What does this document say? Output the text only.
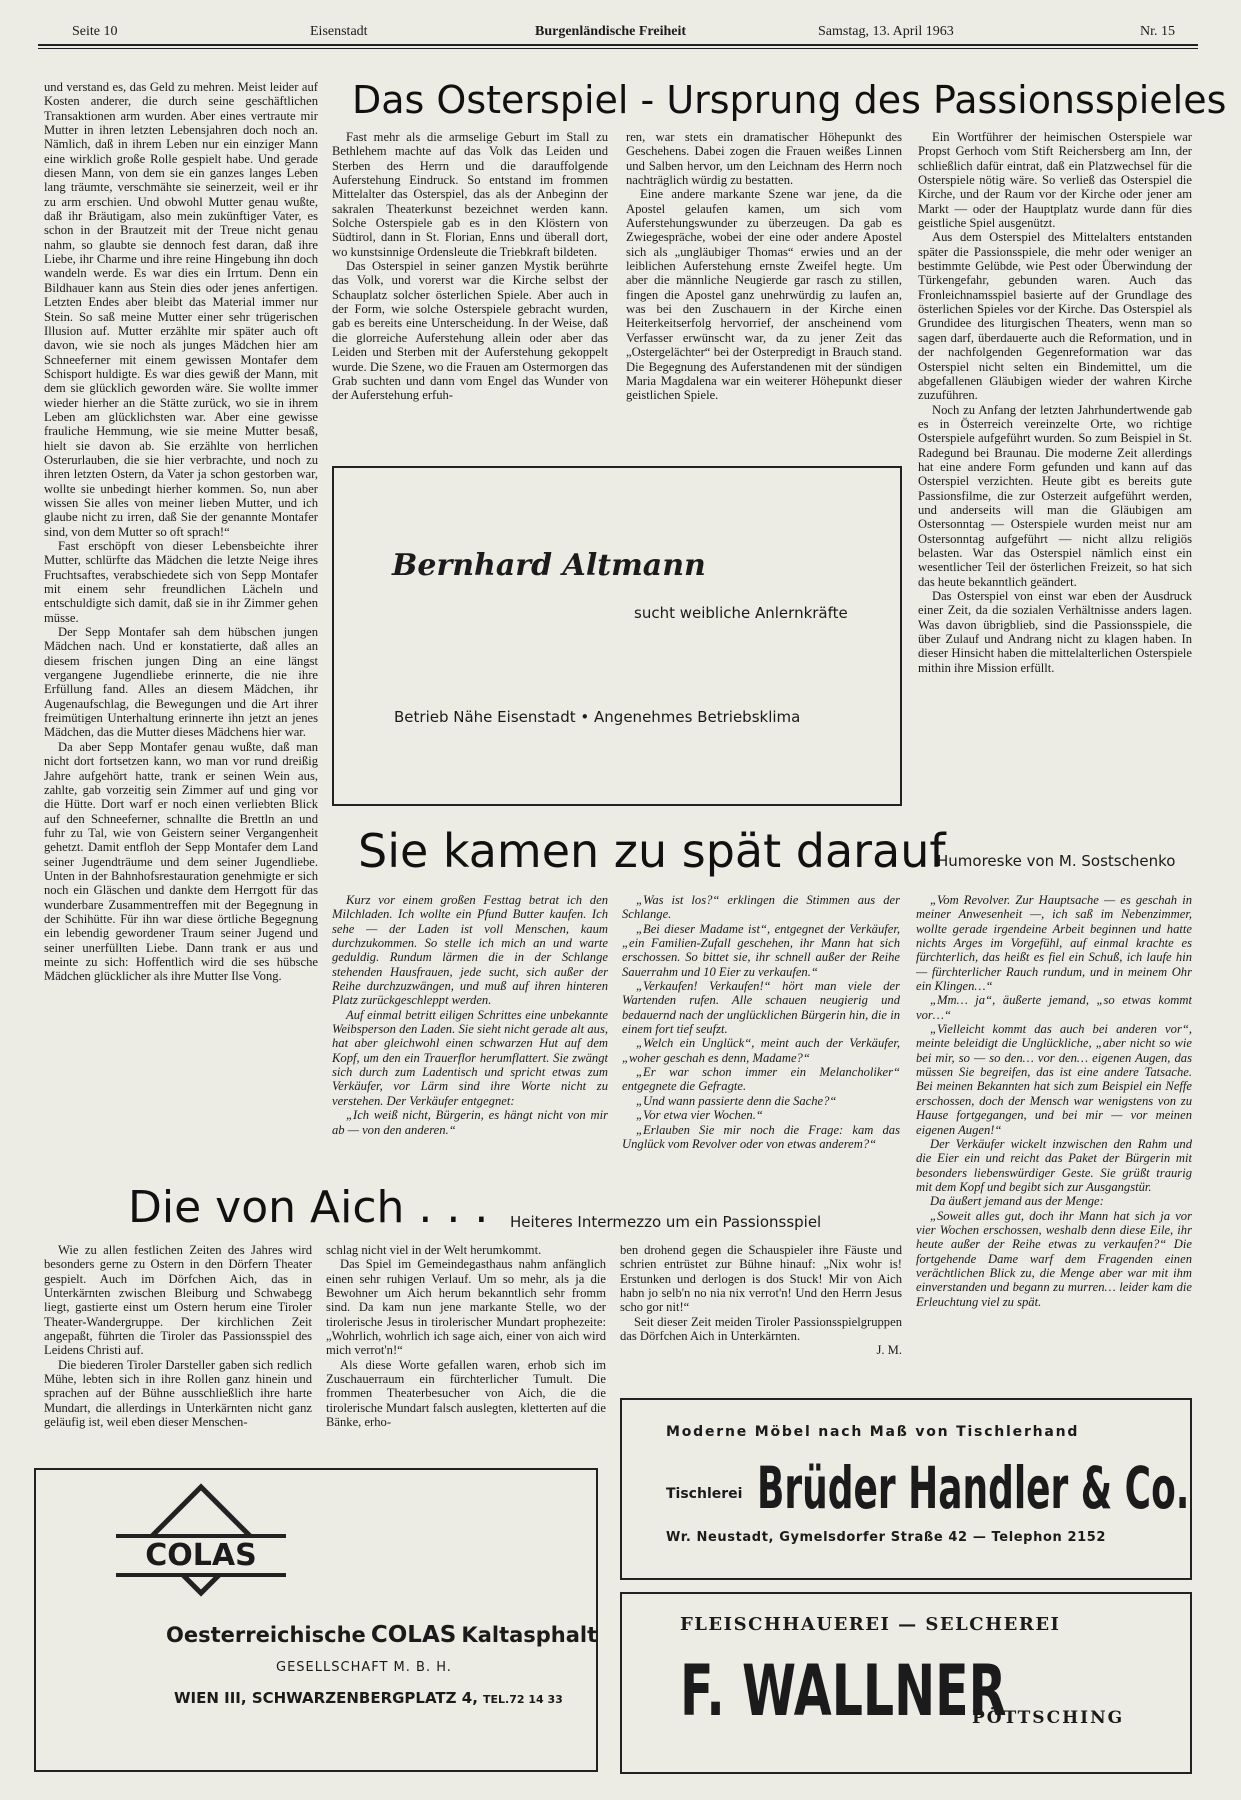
Seite 10	Eisenstadt	Burgenländische Freiheit	Samstag, 13. April 1963	Nr. 15

und verstand es, das Geld zu mehren. Meist leider auf Kosten anderer, die durch seine geschäftlichen Transaktionen arm wurden. Aber eines vertraute mir Mutter in ihren letzten Lebensjahren doch noch an. Nämlich, daß in ihrem Leben nur ein einziger Mann eine wirklich große Rolle gespielt habe. Und gerade diesen Mann, von dem sie ein ganzes langes Leben lang träumte, verschmähte sie seinerzeit, weil er ihr zu arm erschien. Und obwohl Mutter genau wußte, daß ihr Bräutigam, also mein zukünftiger Vater, es schon in der Brautzeit mit der Treue nicht genau nahm, so glaubte sie dennoch fest daran, daß ihre Liebe, ihr Charme und ihre reine Hingebung ihn doch wandeln werde. Es war dies ein Irrtum. Denn ein Bildhauer kann aus Stein dies oder jenes anfertigen. Letzten Endes aber bleibt das Material immer nur Stein. So saß meine Mutter einer sehr trügerischen Illusion auf. Mutter erzählte mir später auch oft davon, wie sie noch als junges Mädchen hier am Schneeferner mit einem gewissen Montafer dem Schisport huldigte. Es war dies gewiß der Mann, mit dem sie glücklich geworden wäre. Sie wollte immer wieder hierher an die Stätte zurück, wo sie in ihrem Leben am glücklichsten war. Aber eine gewisse frauliche Hemmung, wie sie meine Mutter besaß, hielt sie davon ab. Sie erzählte von herrlichen Osterurlauben, die sie hier verbrachte, und noch zu ihren letzten Ostern, da Vater ja schon gestorben war, wollte sie unbedingt hierher kommen. So, nun aber wissen Sie alles von meiner lieben Mutter, und ich glaube nicht zu irren, daß Sie der genannte Montafer sind, von dem Mutter so oft sprach!“

Fast erschöpft von dieser Lebensbeichte ihrer Mutter, schlürfte das Mädchen die letzte Neige ihres Fruchtsaftes, verabschiedete sich von Sepp Montafer mit einem sehr freundlichen Lächeln und entschuldigte sich damit, daß sie in ihr Zimmer gehen müsse.

Der Sepp Montafer sah dem hübschen jungen Mädchen nach. Und er konstatierte, daß alles an diesem frischen jungen Ding an eine längst vergangene Jugendliebe erinnerte, die nie ihre Erfüllung fand. Alles an diesem Mädchen, ihr Augenaufschlag, die Bewegungen und die Art ihrer freimütigen Unterhaltung erinnerte ihn jetzt an jenes Mädchen, das die Mutter dieses Mädchens hier war.

Da aber Sepp Montafer genau wußte, daß man nicht dort fortsetzen kann, wo man vor rund dreißig Jahre aufgehört hatte, trank er seinen Wein aus, zahlte, gab vorzeitig sein Zimmer auf und ging vor die Hütte. Dort warf er noch einen verliebten Blick auf den Schneeferner, schnallte die Brettln an und fuhr zu Tal, wie von Geistern seiner Vergangenheit gehetzt. Damit entfloh der Sepp Montafer dem Land seiner Jugendträume und dem seiner Jugendliebe. Unten in der Bahnhofsrestauration genehmigte er sich noch ein Gläschen und dankte dem Herrgott für das wunderbare Zusammentreffen mit der Begegnung in der Schihütte. Für ihn war diese örtliche Begegnung ein lebendig gewordener Traum seiner Jugend und seiner unerfüllten Liebe. Dann trank er aus und meinte zu sich: Hoffentlich wird die ses hübsche Mädchen glücklicher als ihre Mutter Ilse Vong.

Das Osterspiel - Ursprung des Passionsspieles

Fast mehr als die armselige Geburt im Stall zu Bethlehem machte auf das Volk das Leiden und Sterben des Herrn und die darauffolgende Auferstehung Eindruck. So entstand im frommen Mittelalter das Osterspiel, das als der Anbeginn der sakralen Theaterkunst bezeichnet werden kann. Solche Osterspiele gab es in den Klöstern von Südtirol, dann in St. Florian, Enns und überall dort, wo kunstsinnige Ordensleute die Triebkraft bildeten.

Das Osterspiel in seiner ganzen Mystik berührte das Volk, und vorerst war die Kirche selbst der Schauplatz solcher österlichen Spiele. Aber auch in der Form, wie solche Osterspiele gebracht wurden, gab es bereits eine Unterscheidung. In der Weise, daß die glorreiche Auferstehung allein oder aber das Leiden und Sterben mit der Auferstehung gekoppelt wurde. Die Szene, wo die Frauen am Ostermorgen das Grab suchten und dann vom Engel das Wunder von der Auferstehung erfuh-

ren, war stets ein dramatischer Höhepunkt des Geschehens. Dabei zogen die Frauen weißes Linnen und Salben hervor, um den Leichnam des Herrn noch nachträglich würdig zu bestatten.

Eine andere markante Szene war jene, da die Apostel gelaufen kamen, um sich vom Auferstehungswunder zu überzeugen. Da gab es Zwiegespräche, wobei der eine oder andere Apostel sich als „ungläubiger Thomas“ erwies und an der leiblichen Auferstehung ernste Zweifel hegte. Um aber die männliche Neugierde gar rasch zu stillen, fingen die Apostel ganz unehrwürdig zu laufen an, was bei den Zuschauern in der Kirche einen Heiterkeitserfolg hervorrief, der anscheinend vom Verfasser erwünscht war, da zu jener Zeit das „Ostergelächter“ bei der Osterpredigt in Brauch stand. Die Begegnung des Auferstandenen mit der sündigen Maria Magdalena war ein weiterer Höhepunkt dieser geistlichen Spiele.

Ein Wortführer der heimischen Osterspiele war Propst Gerhoch vom Stift Reichersberg am Inn, der schließlich dafür eintrat, daß ein Platzwechsel für die Osterspiele nötig wäre. So verließ das Osterspiel die Kirche, und der Raum vor der Kirche oder jener am Markt — oder der Hauptplatz wurde dann für dies geistliche Spiel ausgenützt.

Aus dem Osterspiel des Mittelalters entstanden später die Passionsspiele, die mehr oder weniger an bestimmte Gelübde, wie Pest oder Überwindung der Türkengefahr, gebunden waren. Auch das Fronleichnamsspiel basierte auf der Grundlage des österlichen Spieles vor der Kirche. Das Osterspiel als Grundidee des liturgischen Theaters, wenn man so sagen darf, überdauerte auch die Reformation, und in der nachfolgenden Gegenreformation war das Osterspiel nicht selten ein Bindemittel, um die abgefallenen Gläubigen wieder der wahren Kirche zuzuführen.

Noch zu Anfang der letzten Jahrhundertwende gab es in Österreich vereinzelte Orte, wo richtige Osterspiele aufgeführt wurden. So zum Beispiel in St. Radegund bei Braunau. Die moderne Zeit allerdings hat eine andere Form gefunden und kann auf das Osterspiel verzichten. Heute gibt es bereits gute Passionsfilme, die zur Osterzeit aufgeführt werden, und anderseits will man die Gläubigen am Ostersonntag — Osterspiele wurden meist nur am Ostersonntag aufgeführt — nicht allzu religiös belasten. War das Osterspiel nämlich einst ein wesentlicher Teil der österlichen Freizeit, so hat sich das heute bekanntlich geändert.

Das Osterspiel von einst war eben der Ausdruck einer Zeit, da die sozialen Verhältnisse anders lagen. Was davon übrigblieb, sind die Passionsspiele, die über Zulauf und Andrang nicht zu klagen haben. In dieser Hinsicht haben die mittelalterlichen Osterspiele mithin ihre Mission erfüllt.

Bernhard Altmann
sucht weibliche Anlernkräfte
Betrieb Nähe Eisenstadt • Angenehmes Betriebsklima
Sie kamen zu spät darauf
Humoreske von M. Sostschenko

Kurz vor einem großen Festtag betrat ich den Milchladen. Ich wollte ein Pfund Butter kaufen. Ich sehe — der Laden ist voll Menschen, kaum durchzukommen. So stelle ich mich an und warte geduldig. Rundum lärmen die in der Schlange stehenden Hausfrauen, jede sucht, sich außer der Reihe durchzuzwängen, und muß auf ihren hinteren Platz zurückgeschleppt werden.

Auf einmal betritt eiligen Schrittes eine unbekannte Weibsperson den Laden. Sie sieht nicht gerade alt aus, hat aber gleichwohl einen schwarzen Hut auf dem Kopf, um den ein Trauerflor herumflattert. Sie zwängt sich durch zum Ladentisch und spricht etwas zum Verkäufer, vor Lärm sind ihre Worte nicht zu verstehen. Der Verkäufer entgegnet:

„Ich weiß nicht, Bürgerin, es hängt nicht von mir ab — von den anderen.“

„Was ist los?“ erklingen die Stimmen aus der Schlange.

„Bei dieser Madame ist“, entgegnet der Verkäufer, „ein Familien-Zufall geschehen, ihr Mann hat sich erschossen. So bittet sie, ihr schnell außer der Reihe Sauerrahm und 10 Eier zu verkaufen.“

„Verkaufen! Verkaufen!“ hört man viele der Wartenden rufen. Alle schauen neugierig und bedauernd nach der unglücklichen Bürgerin hin, die in einem fort tief seufzt.

„Welch ein Unglück“, meint auch der Verkäufer, „woher geschah es denn, Madame?“

„Er war schon immer ein Melancholiker“ entgegnete die Gefragte.

„Und wann passierte denn die Sache?“

„Vor etwa vier Wochen.“

„Erlauben Sie mir noch die Frage: kam das Unglück vom Revolver oder von etwas anderem?“

„Vom Revolver. Zur Hauptsache — es geschah in meiner Anwesenheit —, ich saß im Nebenzimmer, wollte gerade irgendeine Arbeit beginnen und hatte nichts Arges im Vorgefühl, auf einmal krachte es fürchterlich, das heißt es fiel ein Schuß, ich laufe hin — fürchterlicher Rauch rundum, und in meinem Ohr ein Klingen…“

„Mm… ja“, äußerte jemand, „so etwas kommt vor…“

„Vielleicht kommt das auch bei anderen vor“, meinte beleidigt die Unglückliche, „aber nicht so wie bei mir, so — so den… vor den… eigenen Augen, das müssen Sie begreifen, das ist eine andere Tatsache. Bei meinen Bekannten hat sich zum Beispiel ein Neffe erschossen, doch der Mensch war wenigstens von zu Hause fortgegangen, und bei mir — vor meinen eigenen Augen!“

Der Verkäufer wickelt inzwischen den Rahm und die Eier ein und reicht das Paket der Bürgerin mit besonders liebenswürdiger Geste. Sie grüßt traurig mit dem Kopf und begibt sich zur Ausgangstür.

Da äußert jemand aus der Menge:

„Soweit alles gut, doch ihr Mann hat sich ja vor vier Wochen erschossen, weshalb denn diese Eile, ihr heute außer der Reihe etwas zu verkaufen?“ Die fortgehende Dame warf dem Fragenden einen verächtlichen Blick zu, die Menge aber war mit ihm einverstanden und begann zu murren… leider kam die Erleuchtung viel zu spät.

Die von Aich . . . Heiteres Intermezzo um ein Passionsspiel

Wie zu allen festlichen Zeiten des Jahres wird besonders gerne zu Ostern in den Dörfern Theater gespielt. Auch im Dörfchen Aich, das in Unterkärnten zwischen Bleiburg und Schwabegg liegt, gastierte einst um Ostern herum eine Tiroler Theater-Wandergruppe. Der kirchlichen Zeit angepaßt, führten die Tiroler das Passionsspiel des Leidens Christi auf.

Die biederen Tiroler Darsteller gaben sich redlich Mühe, lebten sich in ihre Rollen ganz hinein und sprachen auf der Bühne ausschließlich ihre harte Mundart, die allerdings in Unterkärnten nicht ganz geläufig ist, weil eben dieser Menschen-

schlag nicht viel in der Welt herumkommt.

Das Spiel im Gemeindegasthaus nahm anfänglich einen sehr ruhigen Verlauf. Um so mehr, als ja die Bewohner um Aich herum bekanntlich sehr fromm sind. Da kam nun jene markante Stelle, wo der tirolerische Jesus in tirolerischer Mundart prophezeite: „Wohrlich, wohrlich ich sage aich, einer von aich wird mich verrot'n!“

Als diese Worte gefallen waren, erhob sich im Zuschauerraum ein fürchterlicher Tumult. Die frommen Theaterbesucher von Aich, die die tirolerische Mundart falsch auslegten, kletterten auf die Bänke, erho-

ben drohend gegen die Schauspieler ihre Fäuste und schrien entrüstet zur Bühne hinauf: „Nix wohr is! Erstunken und derlogen is dos Stuck! Mir von Aich habn jo selb'n no nia nix verrot'n! Und den Herrn Jesus scho gor nit!“

Seit dieser Zeit meiden Tiroler Passionsspielgruppen das Dörfchen Aich in Unterkärnten.

J. M.

COLAS
Oesterreichische COLAS Kaltasphalt
GESELLSCHAFT M. B. H.
WIEN III, SCHWARZENBERGPLATZ 4, TEL.72 14 33
Moderne Möbel nach Maß von Tischlerhand
Tischlerei Brüder Handler & Co.
Wr. Neustadt, Gymelsdorfer Straße 42 — Telephon 2152
FLEISCHHAUEREI — SELCHEREI
F. WALLNER
PÖTTSCHING
